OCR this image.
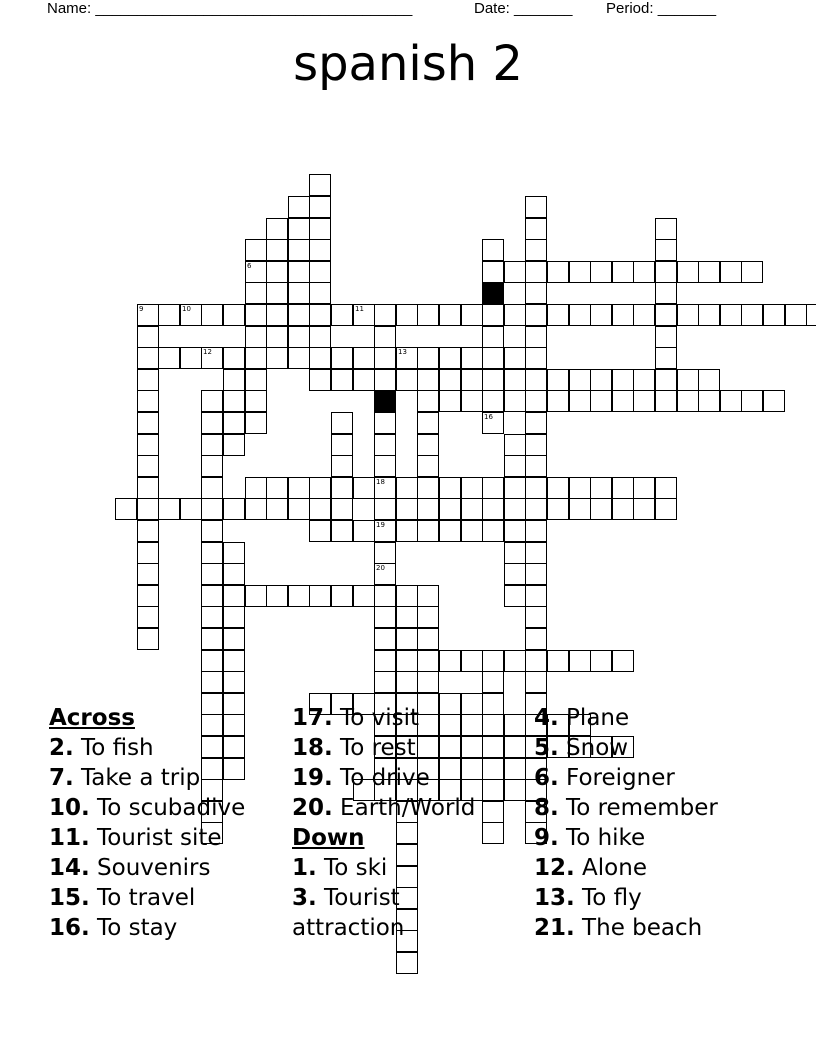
Name: ______________________________________	Date: _______ Period: _______
spanish 2
18
19
20
12	13
16
6
9	10	11
Across
2. To fish
7. Take a trip
10. To scubadive
11. Tourist site
14. Souvenirs
15. To travel
16. To stay
17. To visit
18. To rest
19. To drive
20. Earth/World
Down
1. To ski
3. Tourist
attraction
4. Plane
5. Snow
6. Foreigner
8. To remember
9. To hike
12. Alone
13. To fly
21. The beach
